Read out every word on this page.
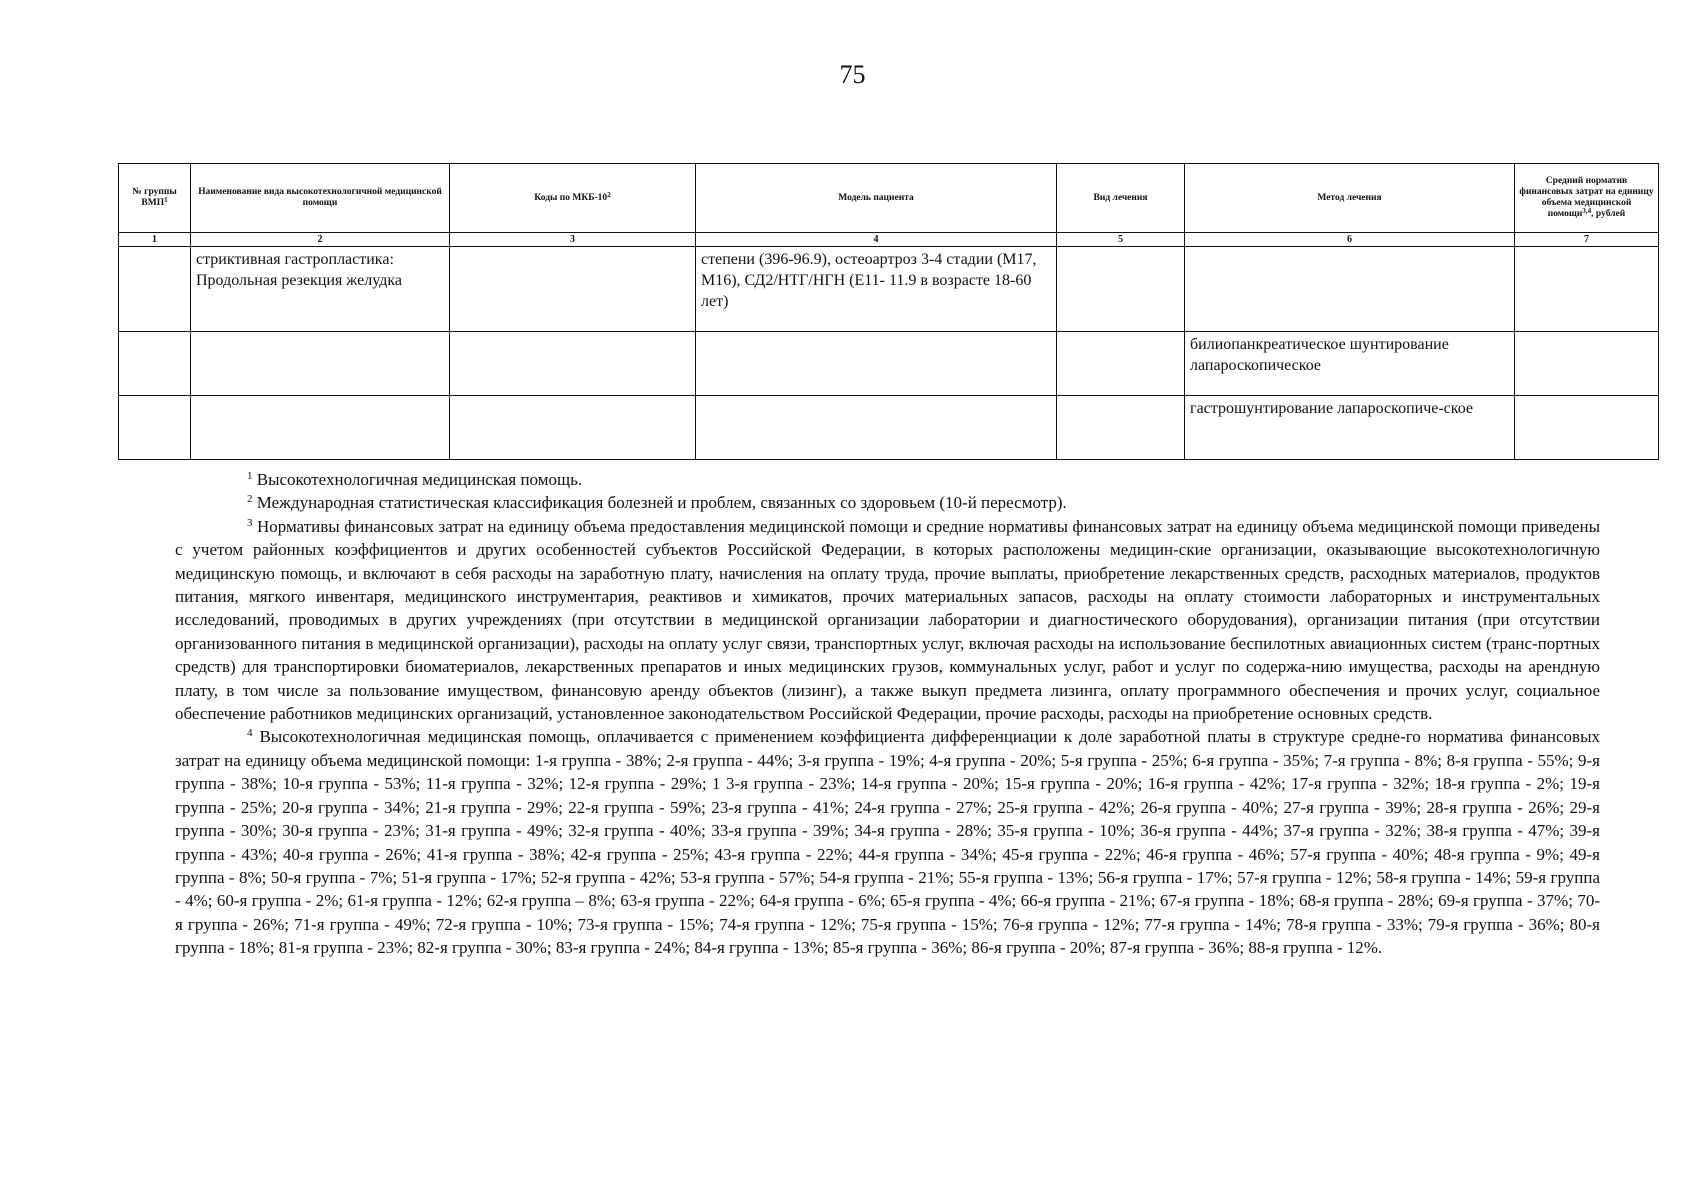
75
№ группы ВМП$^1$	Наименование вида высокотехнологичной медицинской помощи	Коды по МКБ-$10^2$	Модель пациента	Вид лечения	Метод лечения	Средний норматив финансовых затрат на единицу объема медицинской помощи$^{3,4}$, рублей
1	2	3	4	5	6	7
	стриктивная гастропластика: Продольная резекция желудка		степени (396-96.9), остеоартроз 3-4 стадии (M17, M16), СД2/НТГ/НГН (Е11- 11.9 в возрасте 18-60 лет)			
					билиопанкреатическое шунтирование лапароскопическое	
					гастрошунтирование лапароскопиче-ское	

$^1$ Высокотехнологичная медицинская помощь.

$^2$ Международная статистическая классификация болезней и проблем, связанных со здоровьем (10-й пересмотр).

$^3$ Нормативы финансовых затрат на единицу объема предоставления медицинской помощи и средние нормативы финансовых затрат на единицу объема медицинской помощи приведены с учетом районных коэффициентов и других особенностей субъектов Российской Федерации, в которых расположены медицин-ские организации, оказывающие высокотехнологичную медицинскую помощь, и включают в себя расходы на заработную плату, начисления на оплату труда, прочие выплаты, приобретение лекарственных средств, расходных материалов, продуктов питания, мягкого инвентаря, медицинского инструментария, реактивов и химикатов, прочих материальных запасов, расходы на оплату стоимости лабораторных и инструментальных исследований, проводимых в других учреждениях (при отсутствии в медицинской организации лаборатории и диагностического оборудования), организации питания (при отсутствии организованного питания в медицинской организации), расходы на оплату услуг связи, транспортных услуг, включая расходы на использование беспилотных авиационных систем (транс-портных средств) для транспортировки биоматериалов, лекарственных препаратов и иных медицинских грузов, коммунальных услуг, работ и услуг по содержа-нию имущества, расходы на арендную плату, в том числе за пользование имуществом, финансовую аренду объектов (лизинг), а также выкуп предмета лизинга, оплату программного обеспечения и прочих услуг, социальное обеспечение работников медицинских организаций, установленное законодательством Российской Федерации, прочие расходы, расходы на приобретение основных средств.

$^4$ Высокотехнологичная медицинская помощь, оплачивается с применением коэффициента дифференциации к доле заработной платы в структуре средне-го норматива финансовых затрат на единицу объема медицинской помощи: 1-я группа - 38%; 2-я группа - 44%; 3-я группа - 19%; 4-я группа - 20%; 5-я группа - 25%; 6-я группа - 35%; 7-я группа - 8%; 8-я группа - 55%; 9-я группа - 38%; 10-я группа - 53%; 11-я группа - 32%; 12-я группа - 29%; 1 3-я группа - 23%; 14-я группа - 20%; 15-я группа - 20%; 16-я группа - 42%; 17-я группа - 32%; 18-я группа - 2%; 19-я группа - 25%; 20-я группа - 34%; 21-я группа - 29%; 22-я группа - 59%; 23-я группа - 41%; 24-я группа - 27%; 25-я группа - 42%; 26-я группа - 40%; 27-я группа - 39%; 28-я группа - 26%; 29-я группа - 30%; 30-я группа - 23%; 31-я группа - 49%; 32-я группа - 40%; 33-я группа - 39%; 34-я группа - 28%; 35-я группа - 10%; 36-я группа - 44%; 37-я группа - 32%; 38-я группа - 47%; 39-я группа - 43%; 40-я группа - 26%; 41-я группа - 38%; 42-я группа - 25%; 43-я группа - 22%; 44-я группа - 34%; 45-я группа - 22%; 46-я группа - 46%; 57-я группа - 40%; 48-я группа - 9%; 49-я группа - 8%; 50-я группа - 7%; 51-я группа - 17%; 52-я группа - 42%; 53-я группа - 57%; 54-я группа - 21%; 55-я группа - 13%; 56-я группа - 17%; 57-я группа - 12%; 58-я группа - 14%; 59-я группа - 4%; 60-я группа - 2%; 61-я группа - 12%; 62-я группа – 8%; 63-я группа - 22%; 64-я группа - 6%; 65-я группа - 4%; 66-я группа - 21%; 67-я группа - 18%; 68-я группа - 28%; 69-я группа - 37%; 70-я группа - 26%; 71-я группа - 49%; 72-я группа - 10%; 73-я группа - 15%; 74-я группа - 12%; 75-я группа - 15%; 76-я группа - 12%; 77-я группа - 14%; 78-я группа - 33%; 79-я группа - 36%; 80-я группа - 18%; 81-я группа - 23%; 82-я группа - 30%; 83-я группа - 24%; 84-я группа - 13%; 85-я группа - 36%; 86-я группа - 20%; 87-я группа - 36%; 88-я группа - 12%.
